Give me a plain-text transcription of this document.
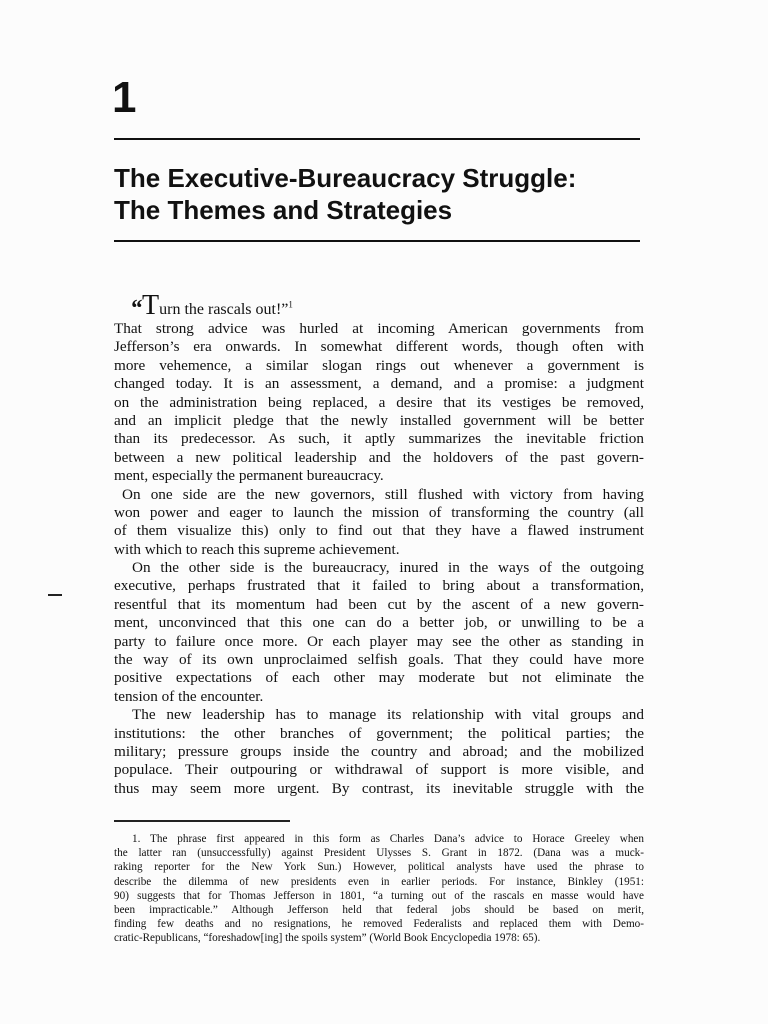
1
The Executive-Bureaucracy Struggle:
The Themes and Strategies
“Turn the rascals out!”$^1$
That strong advice was hurled at incoming American governments from
Jefferson’s era onwards. In somewhat different words, though often with
more vehemence, a similar slogan rings out whenever a government is
changed today. It is an assessment, a demand, and a promise: a judgment
on the administration being replaced, a desire that its vestiges be removed,
and an implicit pledge that the newly installed government will be better
than its predecessor. As such, it aptly summarizes the inevitable friction
between a new political leadership and the holdovers of the past govern-
ment, especially the permanent bureaucracy.
On one side are the new governors, still flushed with victory from having
won power and eager to launch the mission of transforming the country (all
of them visualize this) only to find out that they have a flawed instrument
with which to reach this supreme achievement.
On the other side is the bureaucracy, inured in the ways of the outgoing
executive, perhaps frustrated that it failed to bring about a transformation,
resentful that its momentum had been cut by the ascent of a new govern-
ment, unconvinced that this one can do a better job, or unwilling to be a
party to failure once more. Or each player may see the other as standing in
the way of its own unproclaimed selfish goals. That they could have more
positive expectations of each other may moderate but not eliminate the
tension of the encounter.
The new leadership has to manage its relationship with vital groups and
institutions: the other branches of government; the political parties; the
military; pressure groups inside the country and abroad; and the mobilized
populace. Their outpouring or withdrawal of support is more visible, and
thus may seem more urgent. By contrast, its inevitable struggle with the
1. The phrase first appeared in this form as Charles Dana’s advice to Horace Greeley when
the latter ran (unsuccessfully) against President Ulysses S. Grant in 1872. (Dana was a muck-
raking reporter for the New York Sun.) However, political analysts have used the phrase to
describe the dilemma of new presidents even in earlier periods. For instance, Binkley (1951:
90) suggests that for Thomas Jefferson in 1801, “a turning out of the rascals en masse would have
been impracticable.” Although Jefferson held that federal jobs should be based on merit,
finding few deaths and no resignations, he removed Federalists and replaced them with Demo-
cratic-Republicans, “foreshadow[ing] the spoils system” (World Book Encyclopedia 1978: 65).
